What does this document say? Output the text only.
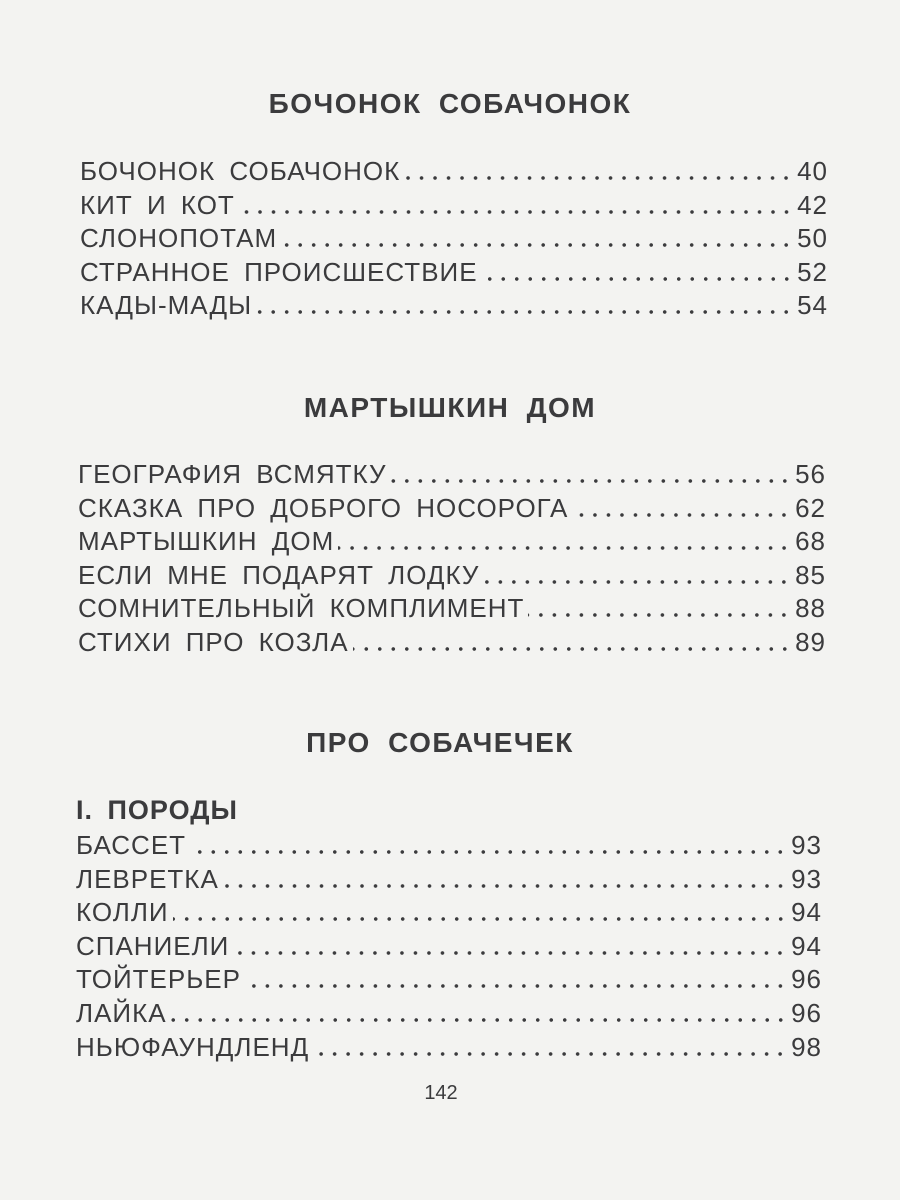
БОЧОНОК СОБАЧОНОК
БОЧОНОК СОБАЧОНОК	40
КИТ И КОТ	42
СЛОНОПОТАМ	50
СТРАННОЕ ПРОИСШЕСТВИЕ	52
КАДЫ-МАДЫ	54
МАРТЫШКИН ДОМ
ГЕОГРАФИЯ ВСМЯТКУ	56
СКАЗКА ПРО ДОБРОГО НОСОРОГА	62
МАРТЫШКИН ДОМ	68
ЕСЛИ МНЕ ПОДАРЯТ ЛОДКУ	85
СОМНИТЕЛЬНЫЙ КОМПЛИМЕНТ	88
СТИХИ ПРО КОЗЛА	89
ПРО СОБАЧЕЧЕК
I. ПОРОДЫ
БАССЕТ	93
ЛЕВРЕТКА	93
КОЛЛИ	94
СПАНИЕЛИ	94
ТОЙТЕРЬЕР	96
ЛАЙКА	96
НЬЮФАУНДЛЕНД	98
142
